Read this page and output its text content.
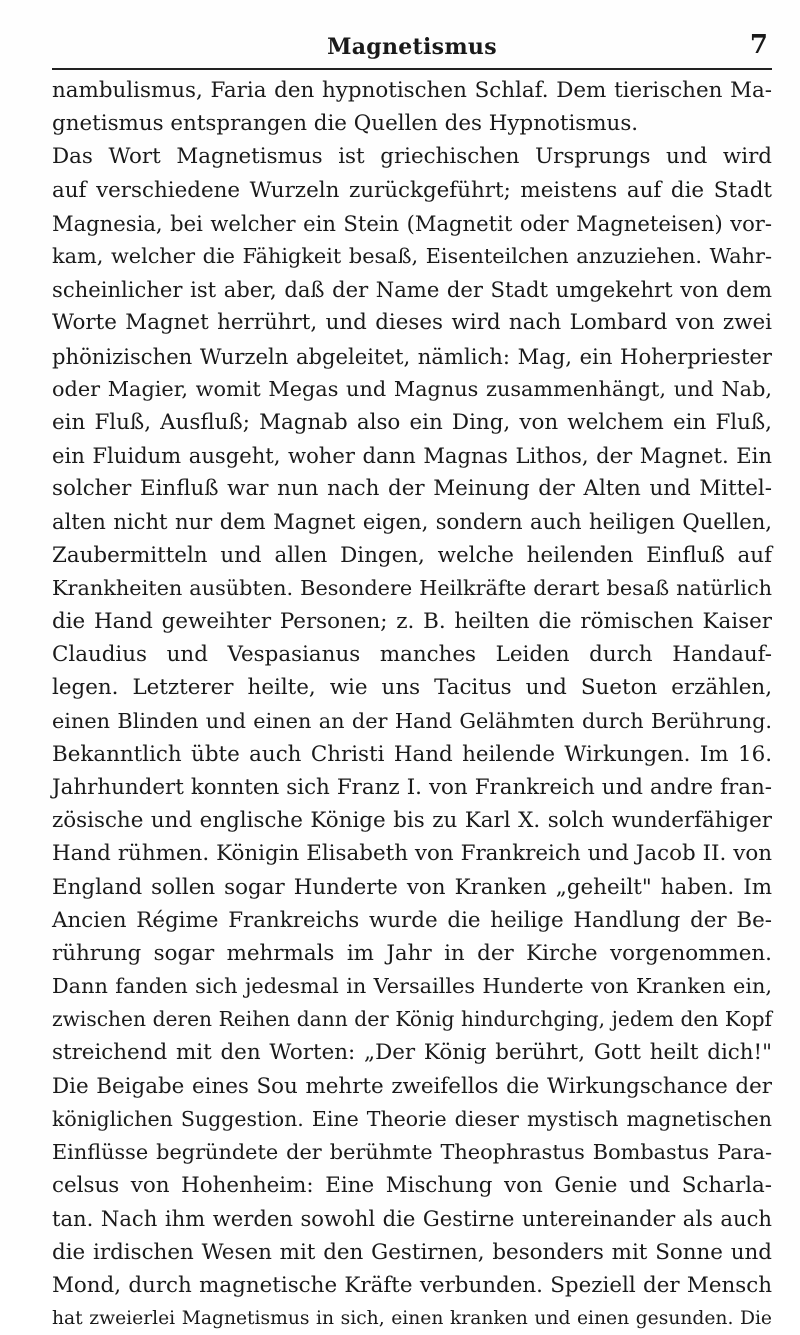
Magnetismus	7
nambulismus, Faria den hypnotischen Schlaf. Dem tierischen Ma-
gnetismus entsprangen die Quellen des Hypnotismus.
Das Wort Magnetismus ist griechischen Ursprungs und wird
auf verschiedene Wurzeln zurückgeführt; meistens auf die Stadt
Magnesia, bei welcher ein Stein (Magnetit oder Magneteisen) vor-
kam, welcher die Fähigkeit besaß, Eisenteilchen anzuziehen. Wahr-
scheinlicher ist aber, daß der Name der Stadt umgekehrt von dem
Worte Magnet herrührt, und dieses wird nach Lombard von zwei
phönizischen Wurzeln abgeleitet, nämlich: Mag, ein Hoherpriester
oder Magier, womit Megas und Magnus zusammenhängt, und Nab,
ein Fluß, Ausfluß; Magnab also ein Ding, von welchem ein Fluß,
ein Fluidum ausgeht, woher dann Magnas Lithos, der Magnet. Ein
solcher Einfluß war nun nach der Meinung der Alten und Mittel-
alten nicht nur dem Magnet eigen, sondern auch heiligen Quellen,
Zaubermitteln und allen Dingen, welche heilenden Einfluß auf
Krankheiten ausübten. Besondere Heilkräfte derart besaß natürlich
die Hand geweihter Personen; z. B. heilten die römischen Kaiser
Claudius und Vespasianus manches Leiden durch Handauf-
legen. Letzterer heilte, wie uns Tacitus und Sueton erzählen,
einen Blinden und einen an der Hand Gelähmten durch Berührung.
Bekanntlich übte auch Christi Hand heilende Wirkungen. Im 16.
Jahrhundert konnten sich Franz I. von Frankreich und andre fran-
zösische und englische Könige bis zu Karl X. solch wunderfähiger
Hand rühmen. Königin Elisabeth von Frankreich und Jacob II. von
England sollen sogar Hunderte von Kranken „geheilt" haben. Im
Ancien Régime Frankreichs wurde die heilige Handlung der Be-
rührung sogar mehrmals im Jahr in der Kirche vorgenommen.
Dann fanden sich jedesmal in Versailles Hunderte von Kranken ein,
zwischen deren Reihen dann der König hindurchging, jedem den Kopf
streichend mit den Worten: „Der König berührt, Gott heilt dich!"
Die Beigabe eines Sou mehrte zweifellos die Wirkungschance der
königlichen Suggestion. Eine Theorie dieser mystisch magnetischen
Einflüsse begründete der berühmte Theophrastus Bombastus Para-
celsus von Hohenheim: Eine Mischung von Genie und Scharla-
tan. Nach ihm werden sowohl die Gestirne untereinander als auch
die irdischen Wesen mit den Gestirnen, besonders mit Sonne und
Mond, durch magnetische Kräfte verbunden. Speziell der Mensch
hat zweierlei Magnetismus in sich, einen kranken und einen gesunden. Die
